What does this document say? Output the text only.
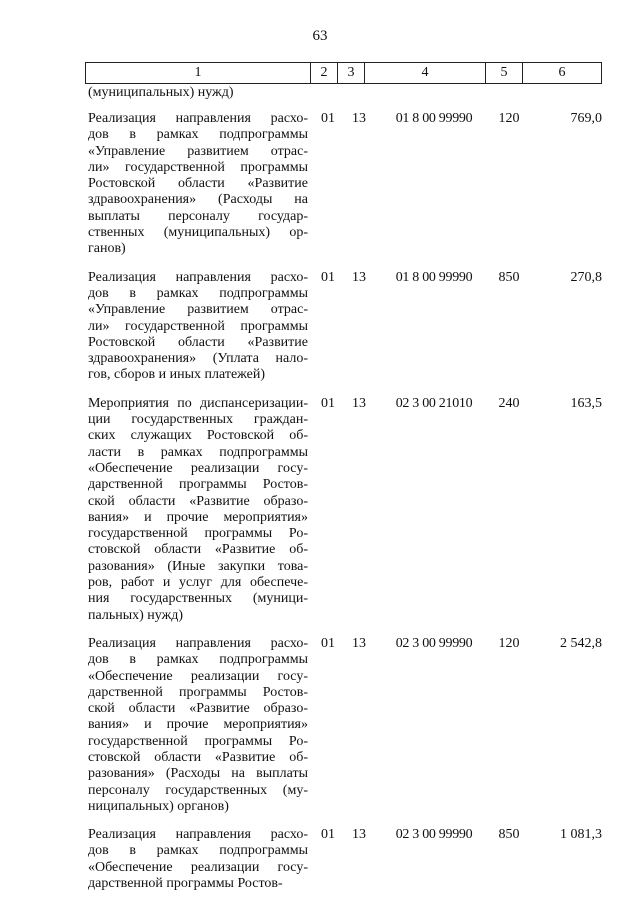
63
1	2	3	4	5	6
(муниципальных) нужд)
Реализация направления расхо-
дов в рамках подпрограммы
«Управление развитием отрас-
ли» государственной программы
Ростовской области «Развитие
здравоохранения» (Расходы на
выплаты персоналу государ-
ственных (муниципальных) ор-
ганов)
01	13	01 8 00 99990	120	769,0
Реализация направления расхо-
дов в рамках подпрограммы
«Управление развитием отрас-
ли» государственной программы
Ростовской области «Развитие
здравоохранения» (Уплата нало-
гов, сборов и иных платежей)
01	13	01 8 00 99990	850	270,8
Мероприятия по диспансеризации-
ции государственных граждан-
ских служащих Ростовской об-
ласти в рамках подпрограммы
«Обеспечение реализации госу-
дарственной программы Ростов-
ской области «Развитие образо-
вания» и прочие мероприятия»
государственной программы Ро-
стовской области «Развитие об-
разования» (Иные закупки това-
ров, работ и услуг для обеспече-
ния государственных (муници-
пальных) нужд)
01	13	02 3 00 21010	240	163,5
Реализация направления расхо-
дов в рамках подпрограммы
«Обеспечение реализации госу-
дарственной программы Ростов-
ской области «Развитие образо-
вания» и прочие мероприятия»
государственной программы Ро-
стовской области «Развитие об-
разования» (Расходы на выплаты
персоналу государственных (му-
ниципальных) органов)
01	13	02 3 00 99990	120	2 542,8
Реализация направления расхо-
дов в рамках подпрограммы
«Обеспечение реализации госу-
дарственной программы Ростов-
01	13	02 3 00 99990	850	1 081,3
